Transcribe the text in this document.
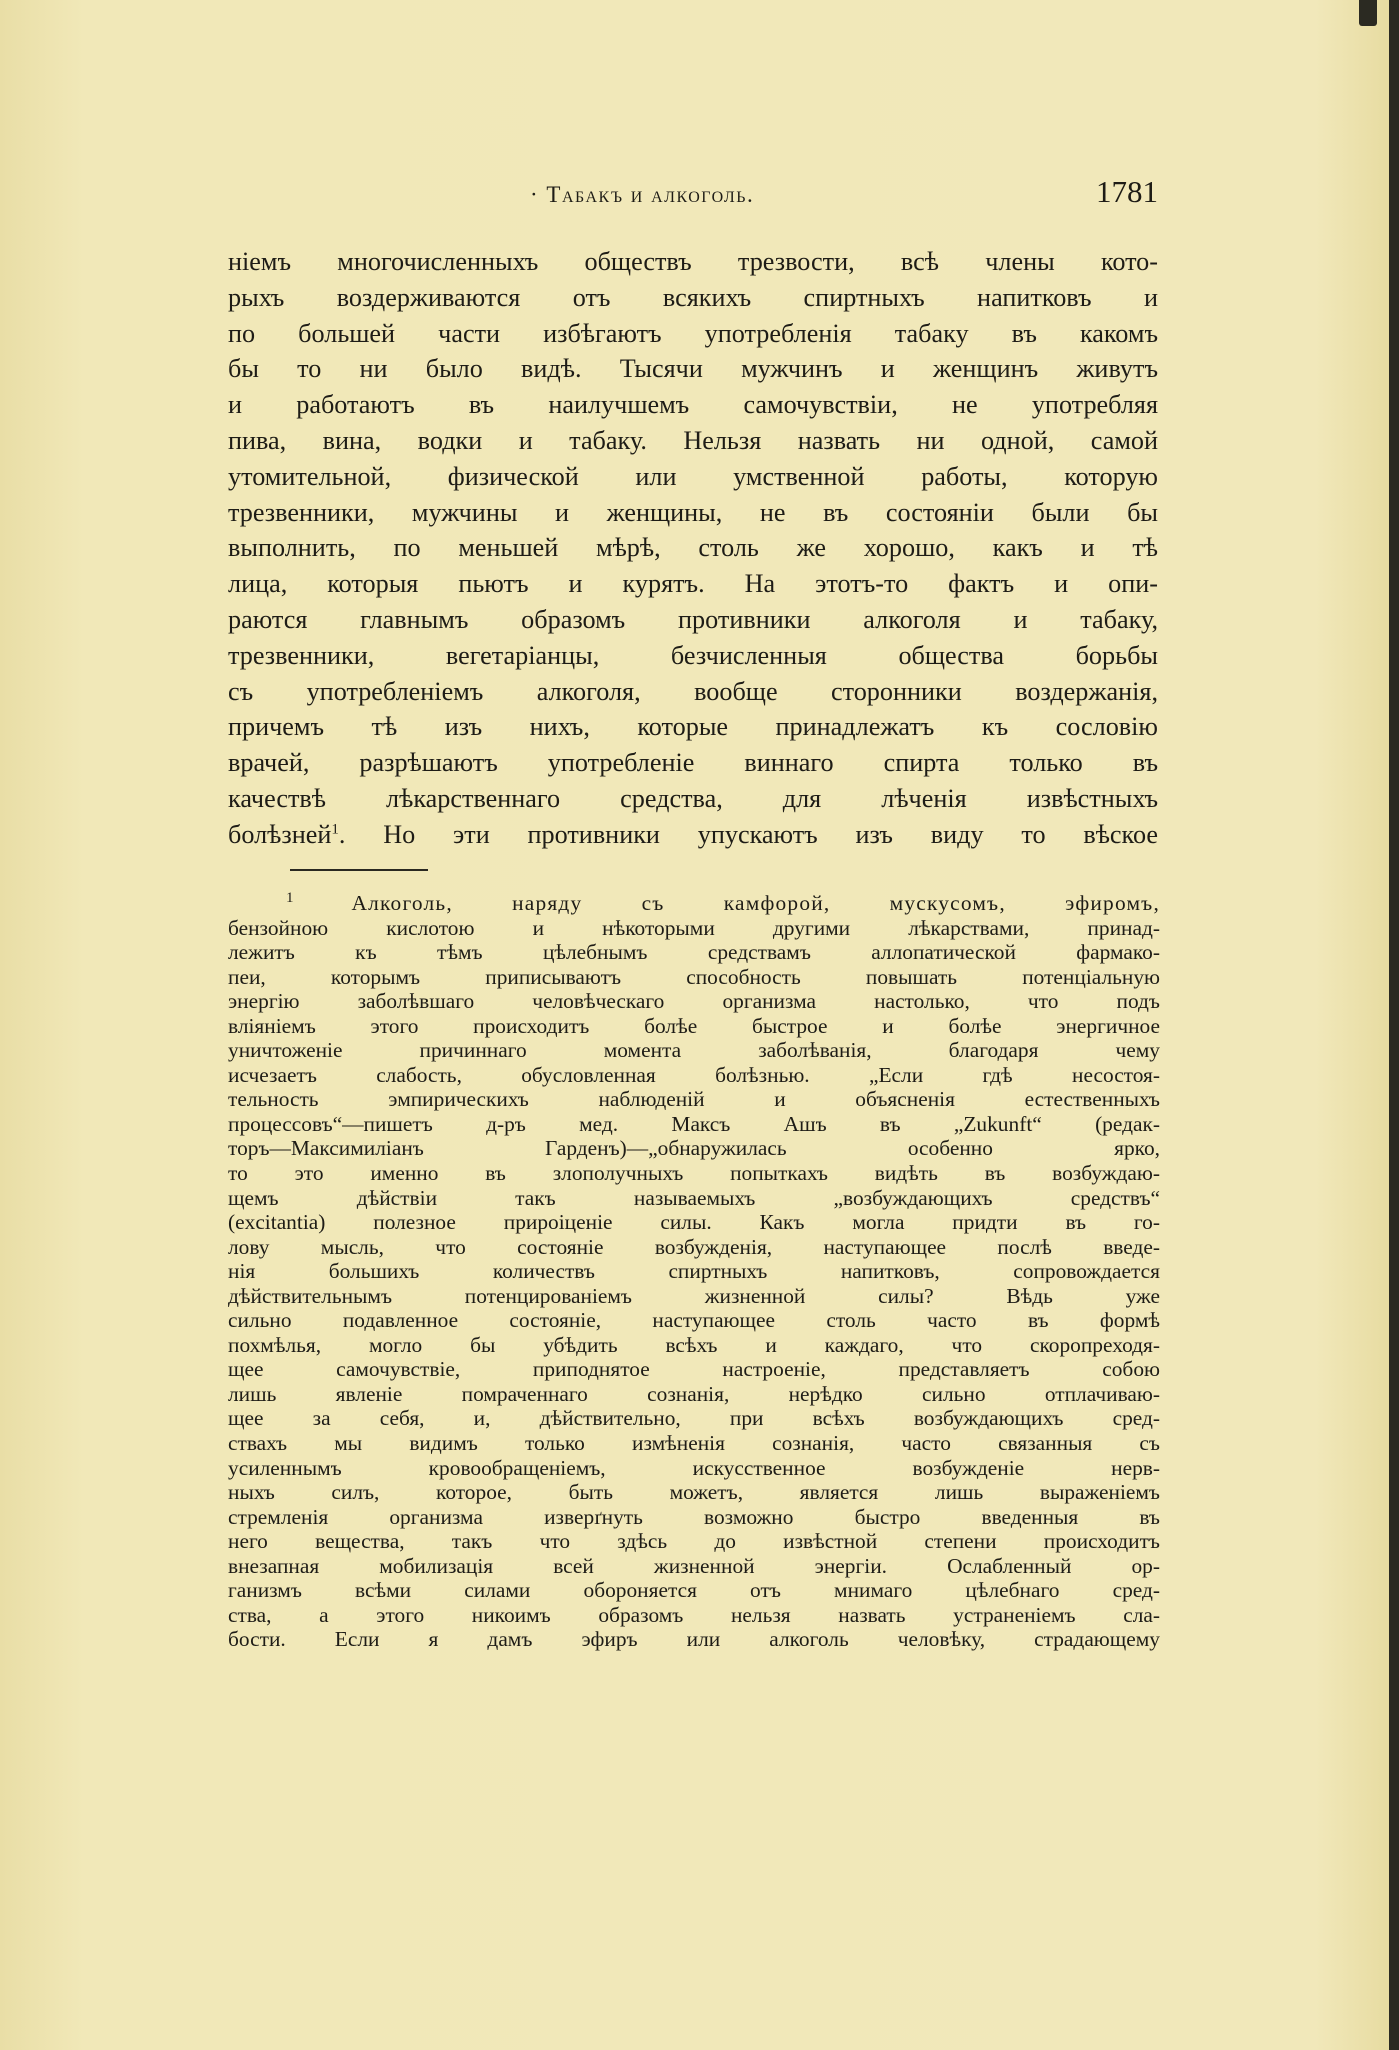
· Табакъ и алкоголь.	1781
ніемъ многочисленныхъ обществъ трезвости, всѣ члены кото-
рыхъ воздерживаются отъ всякихъ спиртныхъ напитковъ и
по большей части избѣгаютъ употребленія табаку въ какомъ
бы то ни было видѣ. Тысячи мужчинъ и женщинъ живутъ
и работаютъ въ наилучшемъ самочувствіи, не употребляя
пива, вина, водки и табаку. Нельзя назвать ни одной, самой
утомительной, физической или умственной работы, которую
трезвенники, мужчины и женщины, не въ состояніи были бы
выполнить, по меньшей мѣрѣ, столь же хорошо, какъ и тѣ
лица, которыя пьютъ и курятъ. На этотъ-то фактъ и опи-
раются главнымъ образомъ противники алкоголя и табаку,
трезвенники, вегетаріанцы, безчисленныя общества борьбы
съ употребленіемъ алкоголя, вообще сторонники воздержанія,
причемъ тѣ изъ нихъ, которые принадлежатъ къ сословію
врачей, разрѣшаютъ употребленіе виннаго спирта только въ
качествѣ лѣкарственнаго средства, для лѣченія извѣстныхъ
болѣзней$^1$. Но эти противники упускаютъ изъ виду то вѣское
$^1$	Алкоголь, наряду съ камфорой, мускусомъ, эфиромъ,
бензойною кислотою и нѣкоторыми другими лѣкарствами, принад-
лежитъ къ тѣмъ цѣлебнымъ средствамъ аллопатической фармако-
пеи, которымъ приписываютъ способность повышать потенціальную
энергію заболѣвшаго человѣческаго организма настолько, что подъ
вліяніемъ этого происходитъ болѣе быстрое и болѣе энергичное
уничтоженіе причиннаго момента заболѣванія, благодаря чему
исчезаетъ слабость, обусловленная болѣзнью. „Если гдѣ несостоя-
тельность эмпирическихъ наблюденій и объясненія естественныхъ
процессовъ“—пишетъ д-ръ мед. Максъ Ашъ въ „Zukunft“ (редак-
торъ—Максимиліанъ Гарденъ)—„обнаружилась особенно ярко,
то это именно въ злополучныхъ попыткахъ видѣть въ возбуждаю-
щемъ дѣйствіи такъ называемыхъ „возбуждающихъ средствъ“
(excitantia) полезное прироіценіе силы. Какъ могла придти въ го-
лову мысль, что состояніе возбужденія, наступающее послѣ введе-
нія большихъ количествъ спиртныхъ напитковъ, сопровождается
дѣйствительнымъ потенцированіемъ жизненной силы? Вѣдь уже
сильно подавленное состояніе, наступающее столь часто въ формѣ
похмѣлья, могло бы убѣдить всѣхъ и каждаго, что скоропреходя-
щее самочувствіе, приподнятое настроеніе, представляетъ собою
лишь явленіе помраченнаго сознанія, нерѣдко сильно отплачиваю-
щее за себя, и, дѣйствительно, при всѣхъ возбуждающихъ сред-
ствахъ мы видимъ только измѣненія сознанія, часто связанныя съ
усиленнымъ кровообращеніемъ, искусственное возбужденіе нерв-
ныхъ силъ, которое, быть можетъ, является лишь выраженіемъ
стремленія организма изверґнуть возможно быстро введенныя въ
него вещества, такъ что здѣсь до извѣстной степени происходитъ
внезапная мобилизація всей жизненной энергіи. Ослабленный ор-
ганизмъ всѣми силами обороняется отъ мнимаго цѣлебнаго сред-
ства, а этого никоимъ образомъ нельзя назвать устраненіемъ сла-
бости. Если я дамъ эфиръ или алкоголь человѣку, страдающему
